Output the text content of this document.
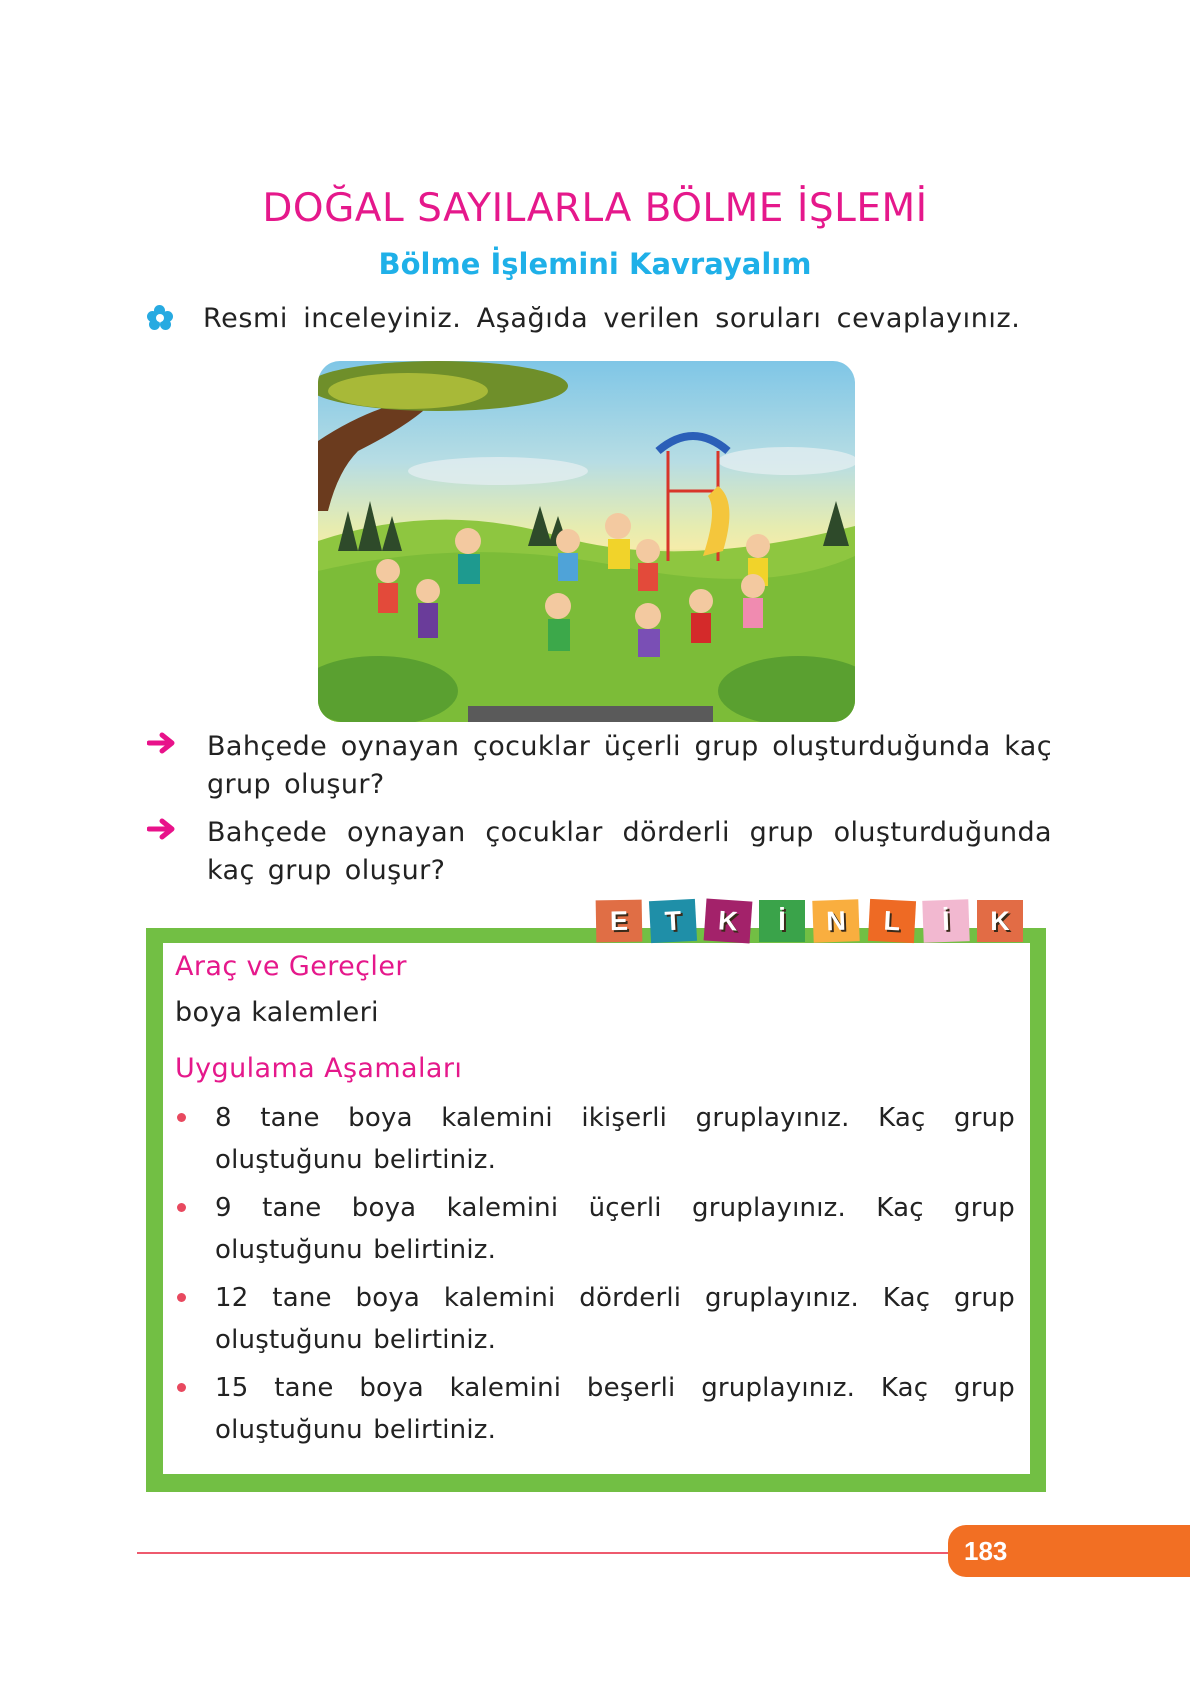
DOĞAL SAYILARLA BÖLME İŞLEMİ
Bölme İşlemini Kavrayalım
Resmi inceleyiniz. Aşağıda verilen soruları cevaplayınız.
Bahçede oynayan çocuklar üçerli grup oluşturduğunda kaç grup oluşur?
Bahçede oynayan çocuklar dörderli grup oluşturduğunda kaç grup oluşur?
Araç ve Gereçler
boya kalemleri
Uygulama Aşamaları
8 tane boya kalemini ikişerli gruplayınız. Kaç grup oluştuğunu belirtiniz.
9 tane boya kalemini üçerli gruplayınız. Kaç grup oluştuğunu belirtiniz.
12 tane boya kalemini dörderli gruplayınız. Kaç grup oluştuğunu belirtiniz.
15 tane boya kalemini beşerli gruplayınız. Kaç grup oluştuğunu belirtiniz.
E	T	K	İ	N	L	İ	K
183
